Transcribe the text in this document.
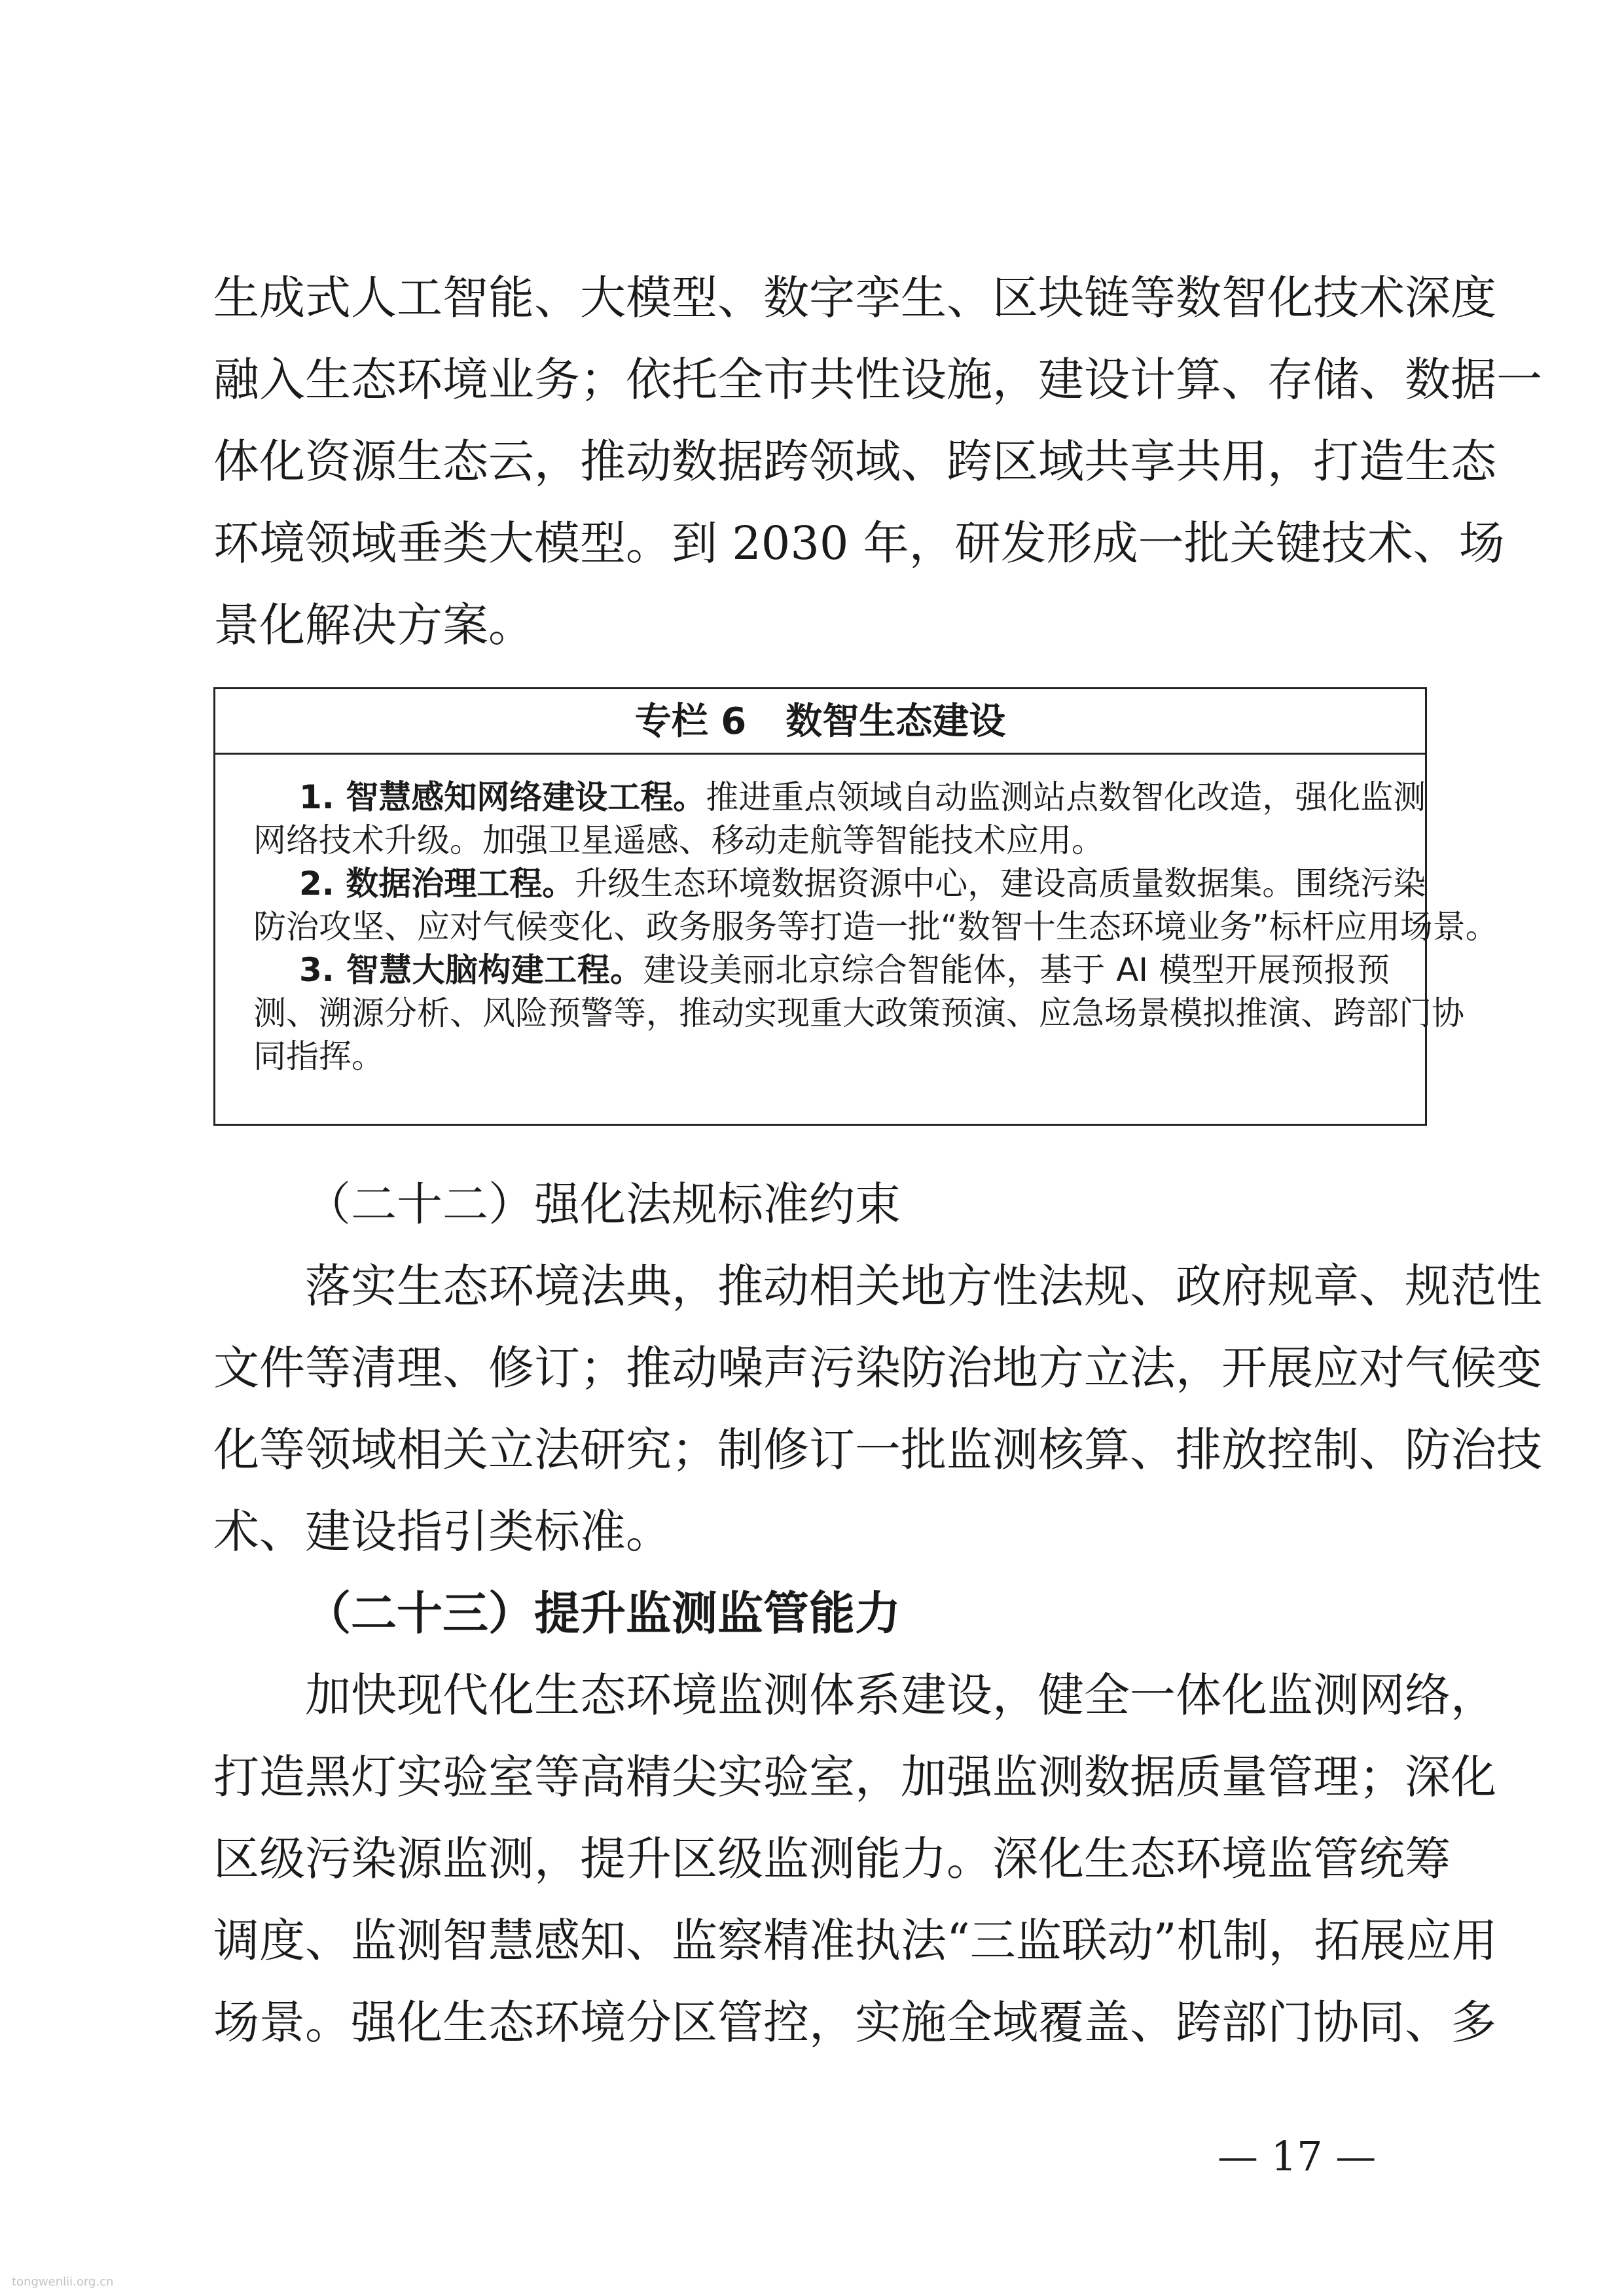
生成式人工智能、大模型、数字孪生、区块链等数智化技术深度
融入生态环境业务；依托全市共性设施，建设计算、存储、数据一
体化资源生态云，推动数据跨领域、跨区域共享共用，打造生态
环境领域垂类大模型。到 2030 年，研发形成一批关键技术、场
景化解决方案。
专栏 6 数智生态建设
1. 智慧感知网络建设工程。推进重点领域自动监测站点数智化改造，强化监测
网络技术升级。加强卫星遥感、移动走航等智能技术应用。
2. 数据治理工程。升级生态环境数据资源中心，建设高质量数据集。围绕污染
防治攻坚、应对气候变化、政务服务等打造一批“数智十生态环境业务”标杆应用场景。
3. 智慧大脑构建工程。建设美丽北京综合智能体，基于 AI 模型开展预报预
测、溯源分析、风险预警等，推动实现重大政策预演、应急场景模拟推演、跨部门协
同指挥。
（二十二）强化法规标准约束
落实生态环境法典，推动相关地方性法规、政府规章、规范性
文件等清理、修订；推动噪声污染防治地方立法，开展应对气候变
化等领域相关立法研究；制修订一批监测核算、排放控制、防治技
术、建设指引类标准。
（二十三）提升监测监管能力
加快现代化生态环境监测体系建设，健全一体化监测网络，
打造黑灯实验室等高精尖实验室，加强监测数据质量管理；深化
区级污染源监测，提升区级监测能力。深化生态环境监管统筹
调度、监测智慧感知、监察精准执法“三监联动”机制，拓展应用
场景。强化生态环境分区管控，实施全域覆盖、跨部门协同、多
— 17 —
tongwenlii.org.cn
